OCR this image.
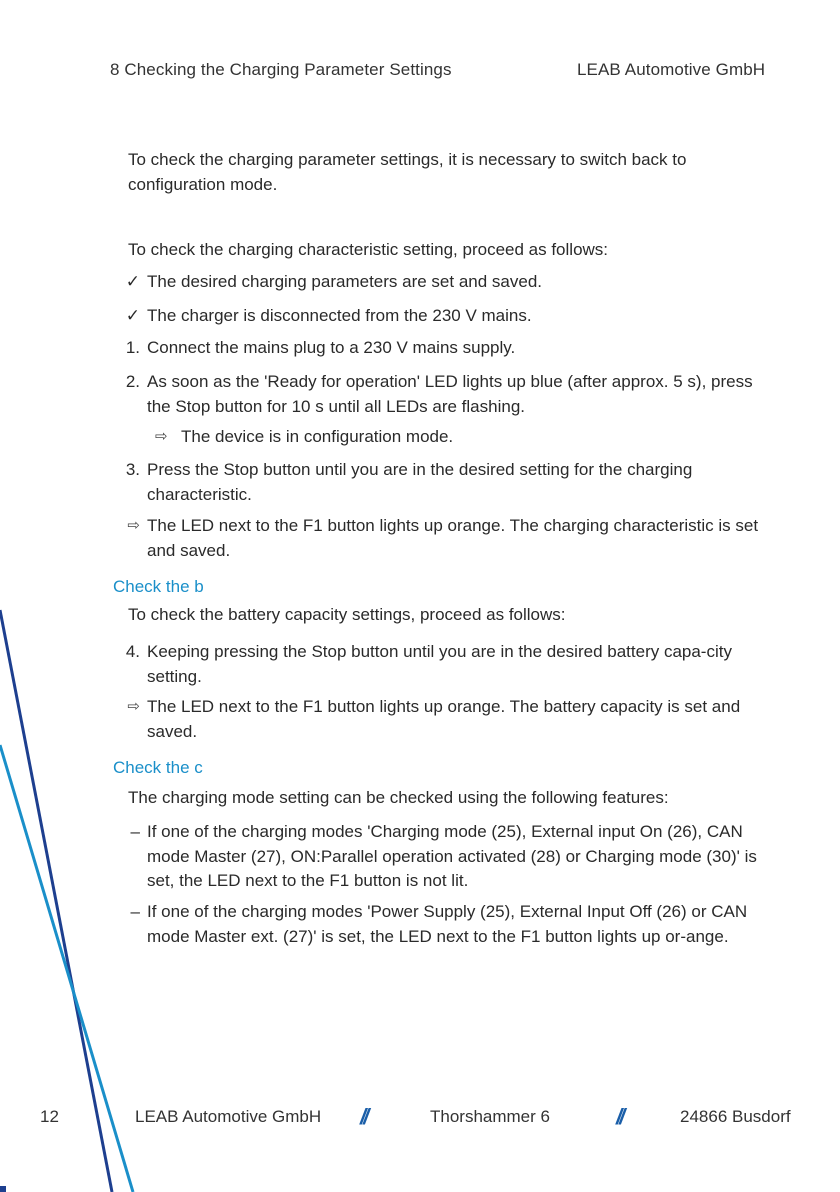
8 Checking the Charging Parameter Settings	LEAB Automotive GmbH
To check the charging parameter settings, it is necessary to switch back to configuration mode.
To check the charging characteristic setting, proceed as follows:
✓ The desired charging parameters are set and saved.
✓ The charger is disconnected from the 230 V mains.
1. Connect the mains plug to a 230 V mains supply.
2. As soon as the 'Ready for operation' LED lights up blue (after approx. 5 s), press the Stop button for 10 s until all LEDs are flashing.
⇨ The device is in configuration mode.
3. Press the Stop button until you are in the desired setting for the charging characteristic.
⇨ The LED next to the F1 button lights up orange. The charging characteristic is set and saved.
Check the b
To check the battery capacity settings, proceed as follows:
4. Keeping pressing the Stop button until you are in the desired battery capa-city setting.
⇨ The LED next to the F1 button lights up orange. The battery capacity is set and saved.
Check the c
The charging mode setting can be checked using the following features:
– If one of the charging modes 'Charging mode (25), External input On (26), CAN mode Master (27), ON:Parallel operation activated (28) or Charging mode (30)' is set, the LED next to the F1 button is not lit.
– If one of the charging modes 'Power Supply (25), External Input Off (26) or CAN mode Master ext. (27)' is set, the LED next to the F1 button lights up or-ange.
12	LEAB Automotive GmbH //	Thorshammer 6	//	24866 Busdorf
